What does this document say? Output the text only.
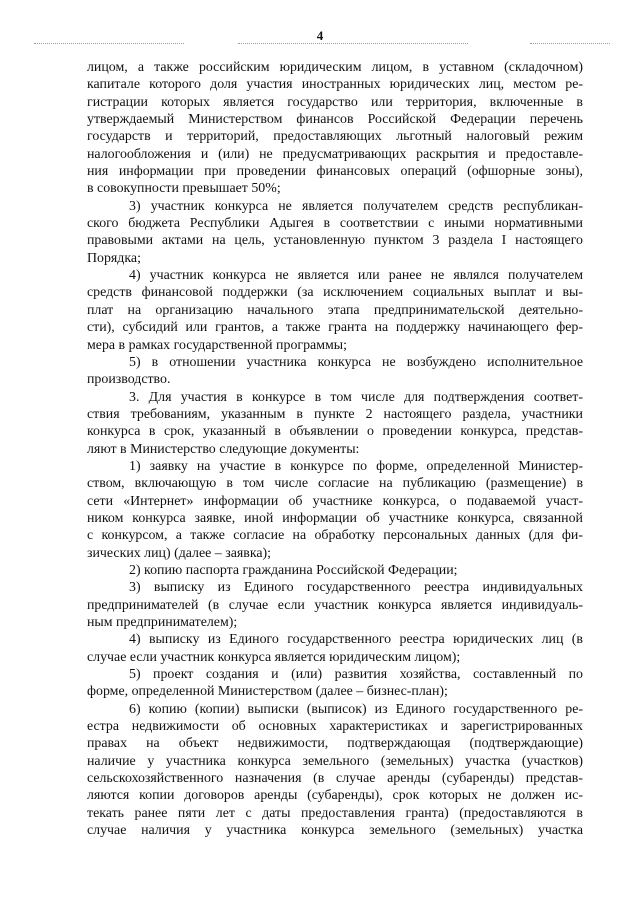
4
лицом, а также российским юридическим лицом, в уставном (складочном)
капитале которого доля участия иностранных юридических лиц, местом ре-
гистрации которых является государство или территория, включенные в
утверждаемый Министерством финансов Российской Федерации перечень
государств и территорий, предоставляющих льготный налоговый режим
налогообложения и (или) не предусматривающих раскрытия и предоставле-
ния информации при проведении финансовых операций (офшорные зоны),
в совокупности превышает 50%;
3) участник конкурса не является получателем средств республикан-
ского бюджета Республики Адыгея в соответствии с иными нормативными
правовыми актами на цель, установленную пунктом 3 раздела I настоящего
Порядка;
4) участник конкурса не является или ранее не являлся получателем
средств финансовой поддержки (за исключением социальных выплат и вы-
плат на организацию начального этапа предпринимательской деятельно-
сти), субсидий или грантов, а также гранта на поддержку начинающего фер-
мера в рамках государственной программы;
5) в отношении участника конкурса не возбуждено исполнительное
производство.
3. Для участия в конкурсе в том числе для подтверждения соответ-
ствия требованиям, указанным в пункте 2 настоящего раздела, участники
конкурса в срок, указанный в объявлении о проведении конкурса, представ-
ляют в Министерство следующие документы:
1) заявку на участие в конкурсе по форме, определенной Министер-
ством, включающую в том числе согласие на публикацию (размещение) в
сети «Интернет» информации об участнике конкурса, о подаваемой участ-
ником конкурса заявке, иной информации об участнике конкурса, связанной
с конкурсом, а также согласие на обработку персональных данных (для фи-
зических лиц) (далее – заявка);
2) копию паспорта гражданина Российской Федерации;
3) выписку из Единого государственного реестра индивидуальных
предпринимателей (в случае если участник конкурса является индивидуаль-
ным предпринимателем);
4) выписку из Единого государственного реестра юридических лиц (в
случае если участник конкурса является юридическим лицом);
5) проект создания и (или) развития хозяйства, составленный по
форме, определенной Министерством (далее – бизнес-план);
6) копию (копии) выписки (выписок) из Единого государственного ре-
естра недвижимости об основных характеристиках и зарегистрированных
правах на объект недвижимости, подтверждающая (подтверждающие)
наличие у участника конкурса земельного (земельных) участка (участков)
сельскохозяйственного назначения (в случае аренды (субаренды) представ-
ляются копии договоров аренды (субаренды), срок которых не должен ис-
текать ранее пяти лет с даты предоставления гранта) (предоставляются в
случае наличия у участника конкурса земельного (земельных) участка
